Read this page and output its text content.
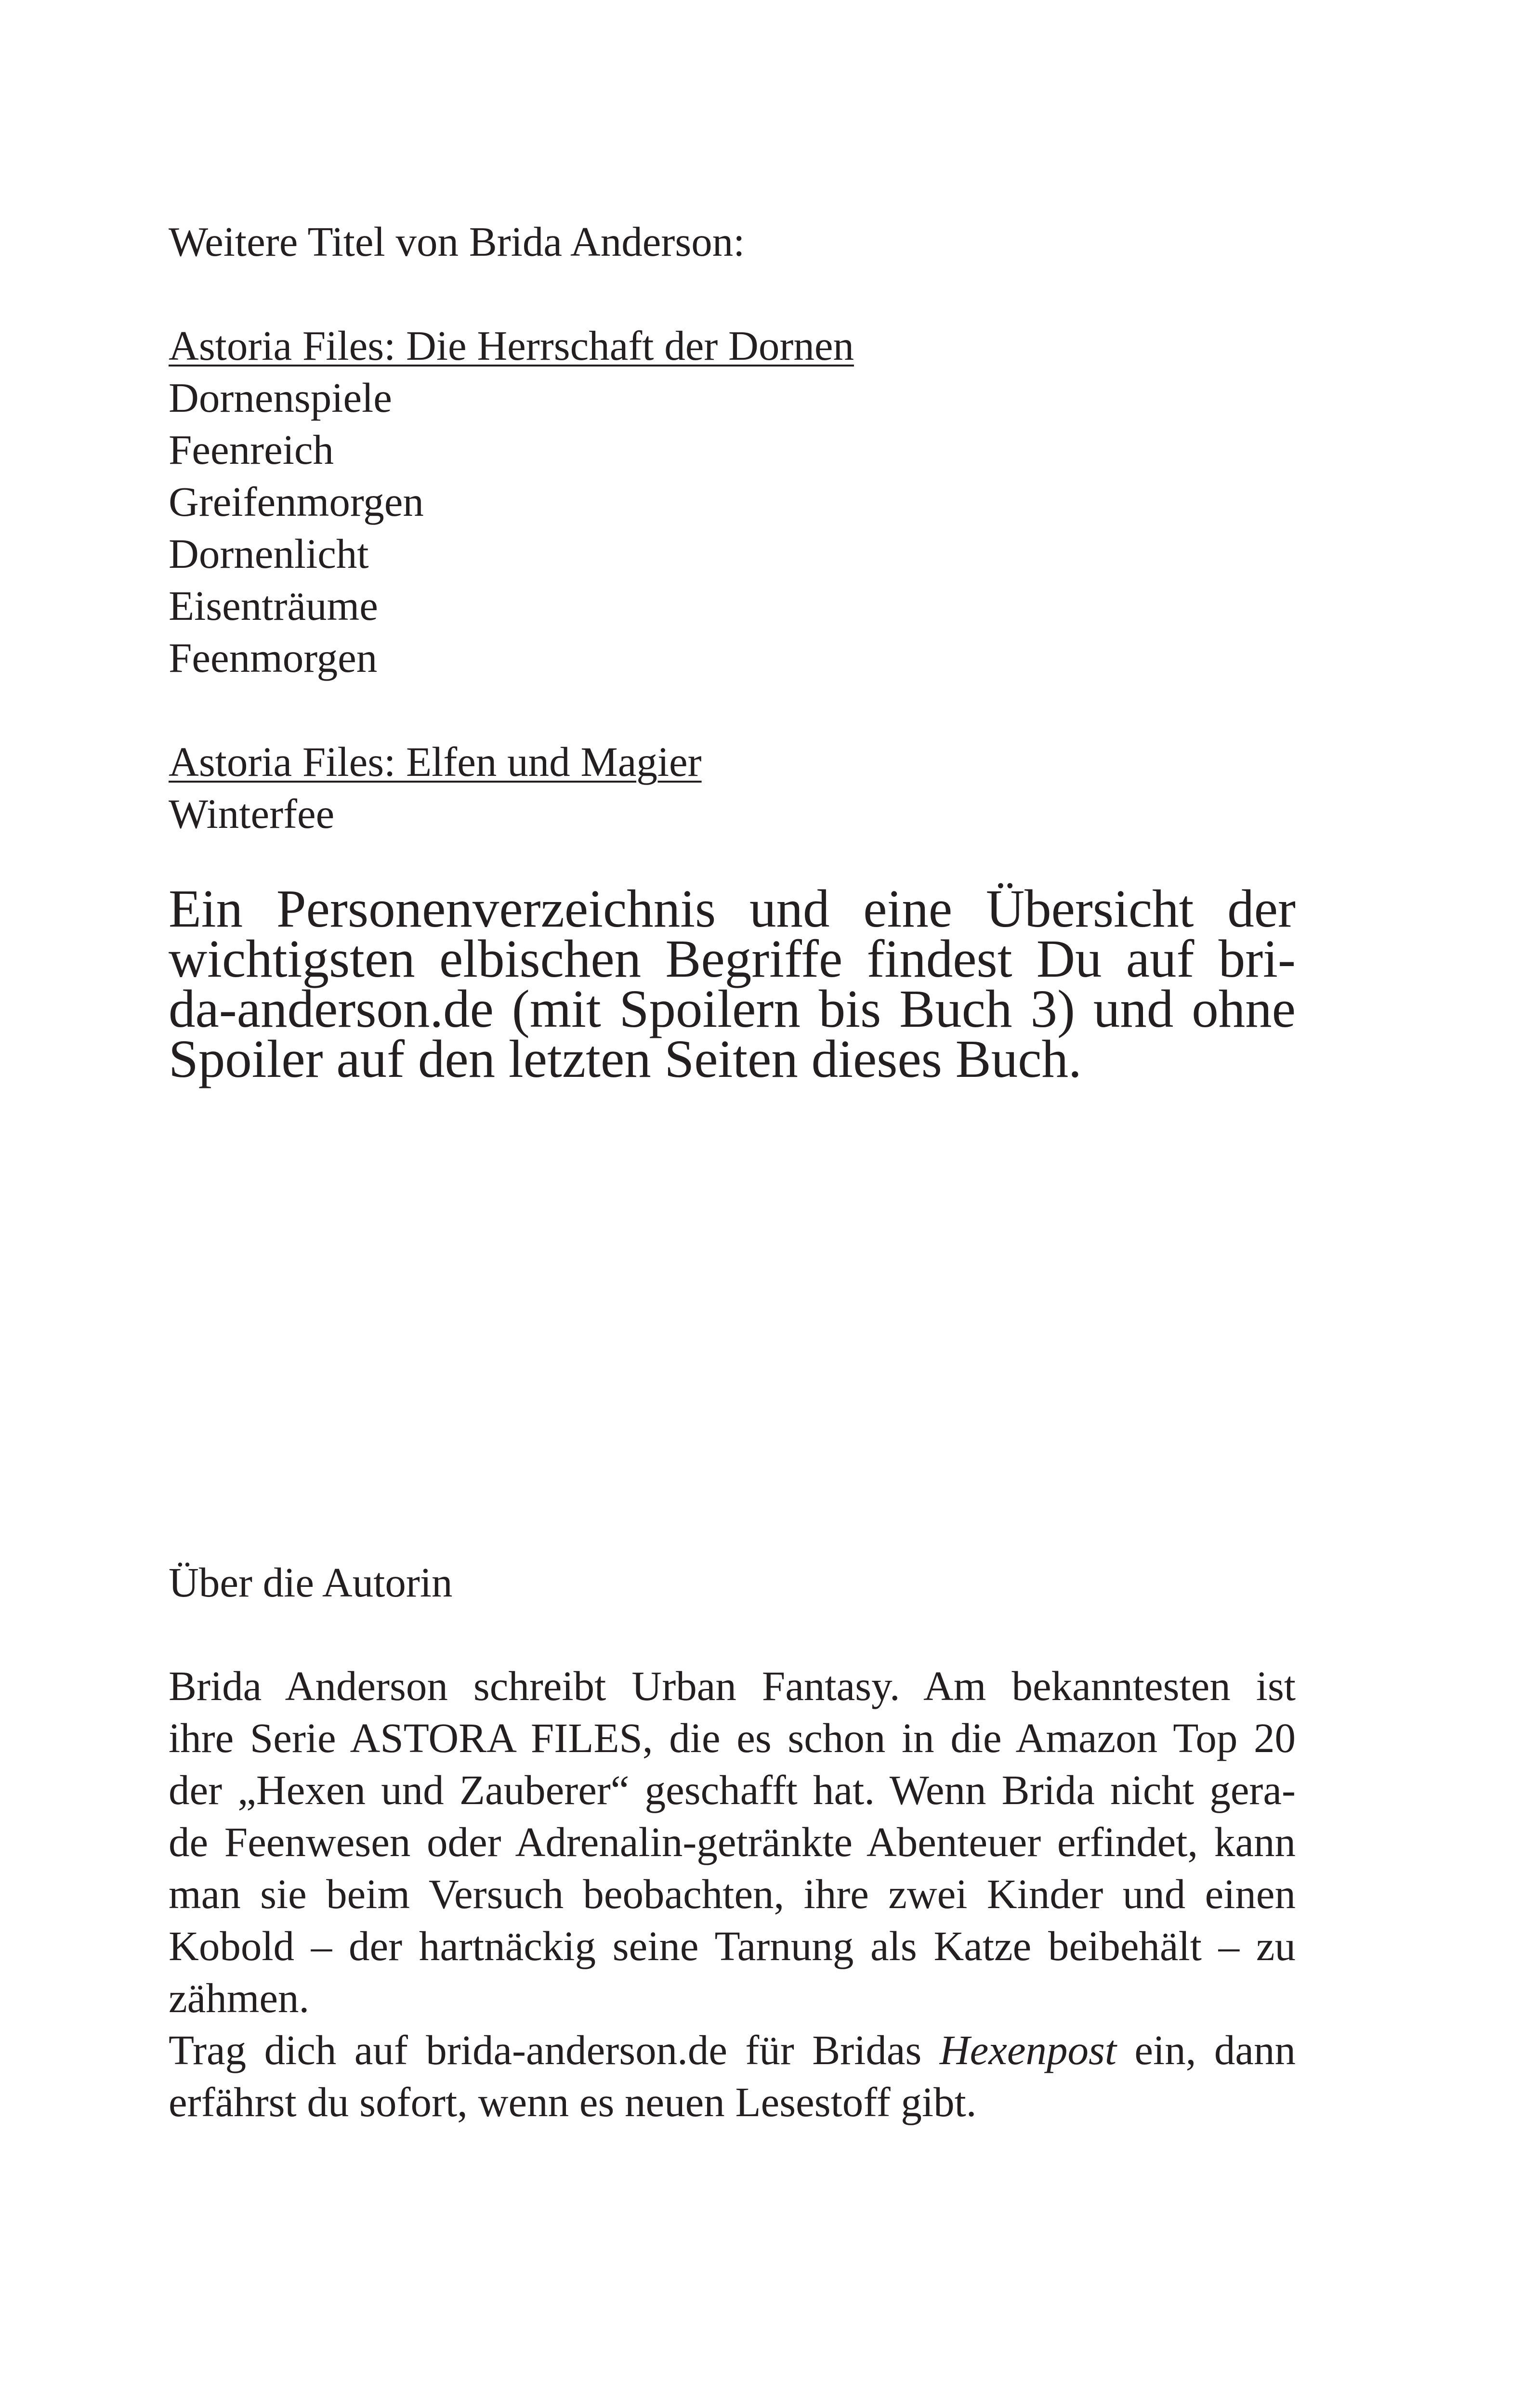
Weitere Titel von Brida Anderson:
Astoria Files: Die Herrschaft der Dornen
Dornenspiele
Feenreich
Greifenmorgen
Dornenlicht
Eisenträume
Feenmorgen
Astoria Files: Elfen und Magier
Winterfee
Ein Personenverzeichnis und eine Übersicht der
wichtigsten elbischen Begriffe findest Du auf bri-
da-anderson.de (mit Spoilern bis Buch 3) und ohne
Spoiler auf den letzten Seiten dieses Buch.
Über die Autorin
Brida Anderson schreibt Urban Fantasy. Am bekanntesten ist
ihre Serie ASTORA FILES, die es schon in die Amazon Top 20
der „Hexen und Zauberer“ geschafft hat. Wenn Brida nicht gera-
de Feenwesen oder Adrenalin-getränkte Abenteuer erfindet, kann
man sie beim Versuch beobachten, ihre zwei Kinder und einen
Kobold – der hartnäckig seine Tarnung als Katze beibehält – zu
zähmen.
Trag dich auf brida-anderson.de für Bridas Hexenpost ein, dann
erfährst du sofort, wenn es neuen Lesestoff gibt.
